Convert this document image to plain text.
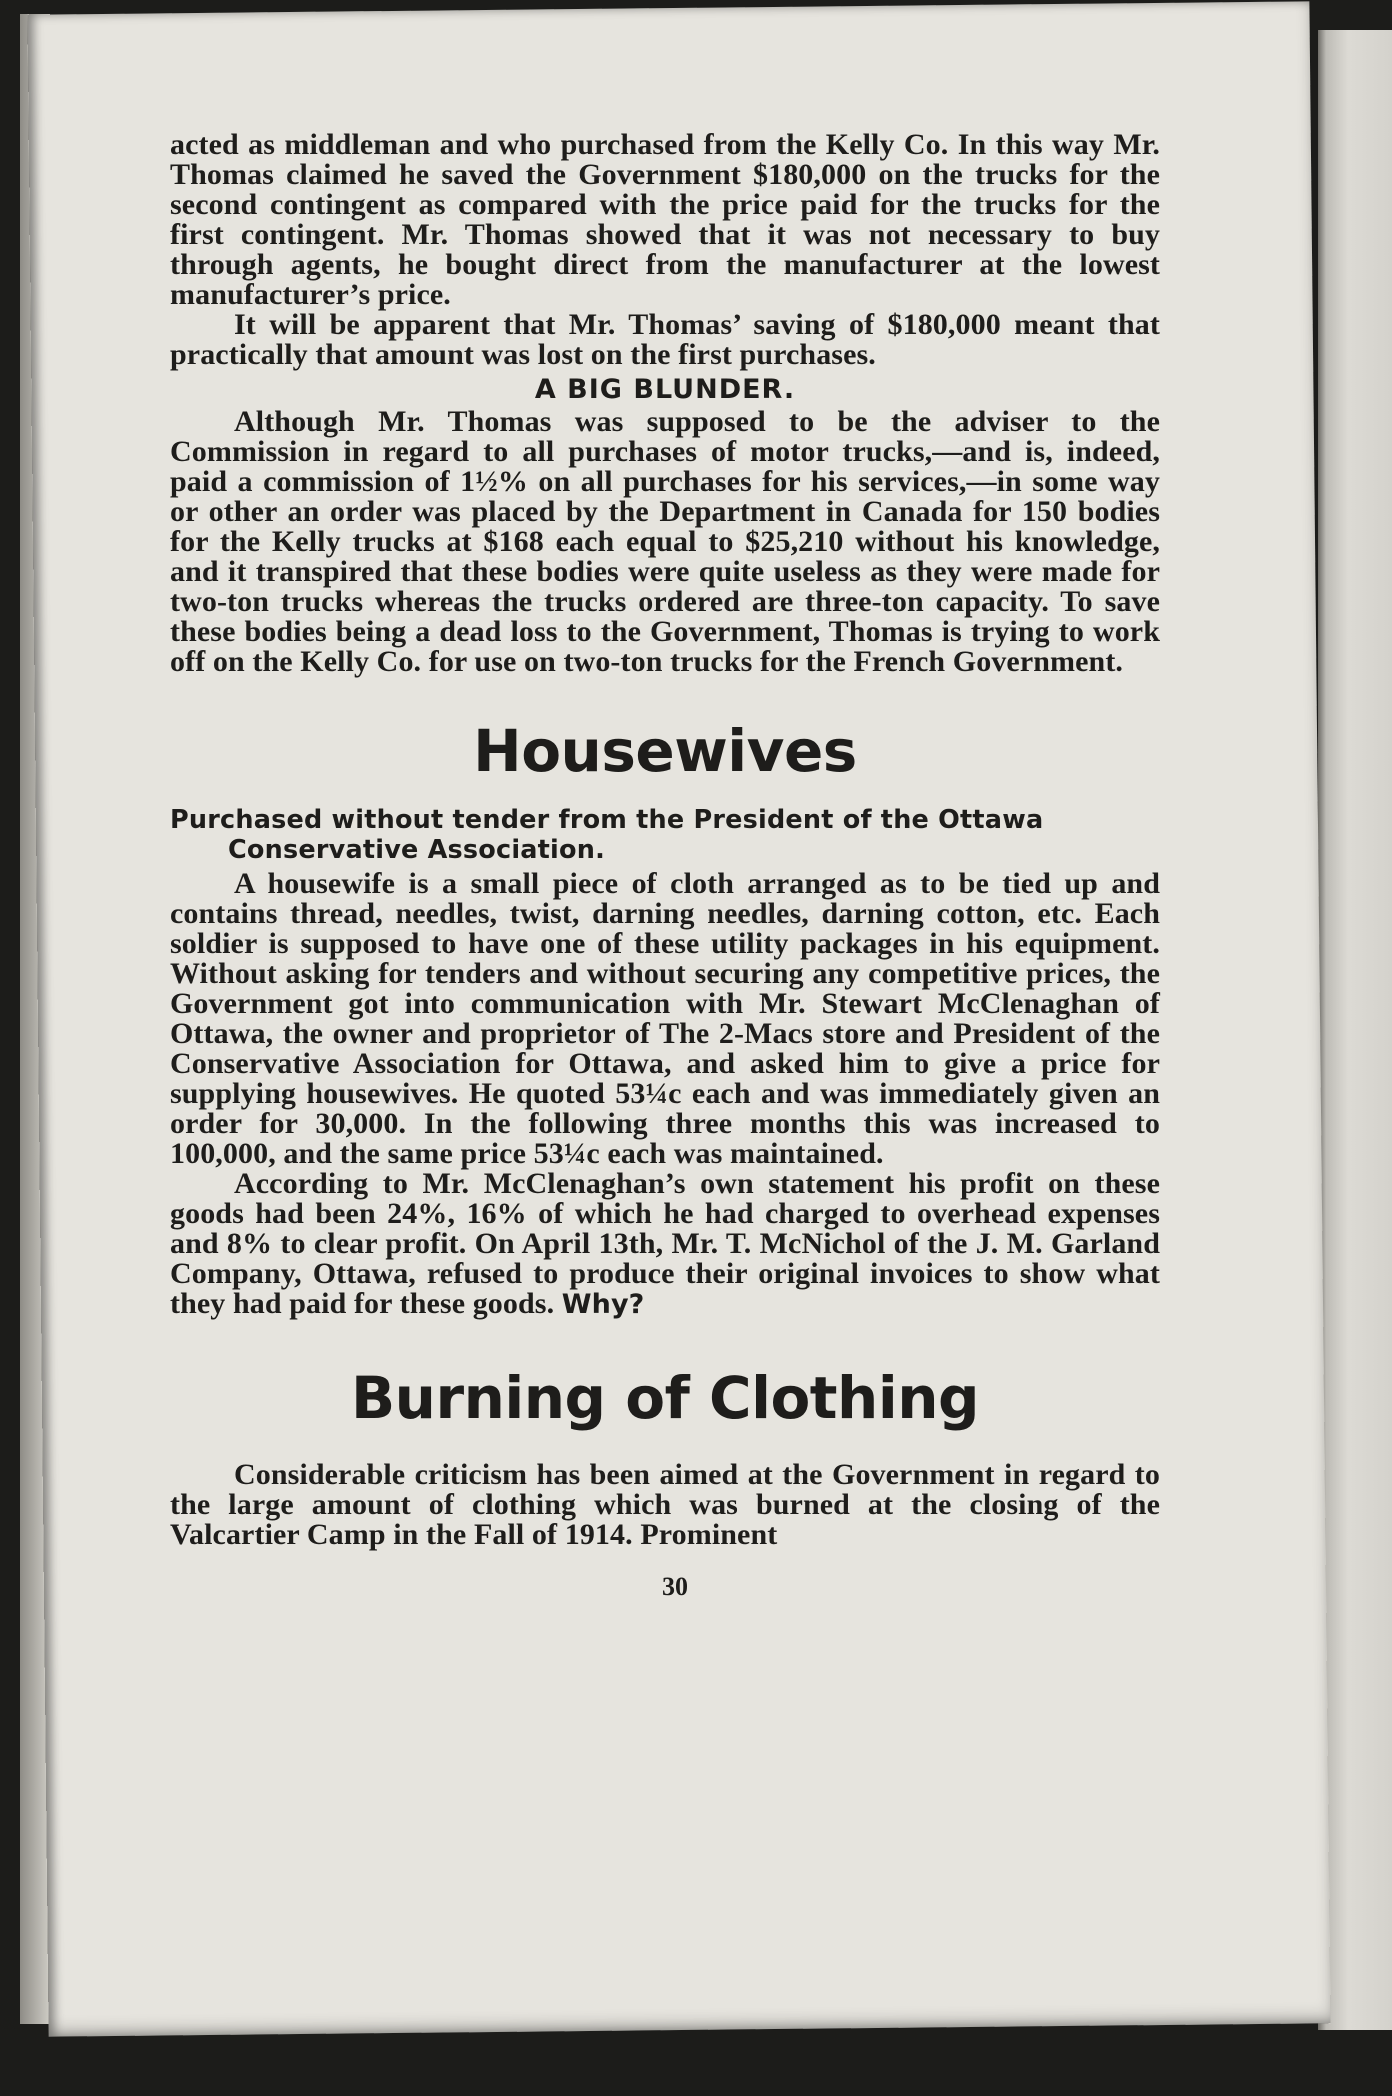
acted as middleman and who purchased from the Kelly Co. In this way Mr. Thomas claimed he saved the Government $180,000 on the trucks for the second contingent as compared with the price paid for the trucks for the first contingent. Mr. Thomas showed that it was not necessary to buy through agents, he bought direct from the manufacturer at the lowest manufacturer’s price.

It will be apparent that Mr. Thomas’ saving of $180,000 meant that practically that amount was lost on the first purchases.

A BIG BLUNDER.

Although Mr. Thomas was supposed to be the adviser to the Commission in regard to all purchases of motor trucks,—and is, indeed, paid a commission of 1½% on all purchases for his services,—in some way or other an order was placed by the Department in Canada for 150 bodies for the Kelly trucks at $168 each equal to $25,210 without his knowledge, and it transpired that these bodies were quite useless as they were made for two-ton trucks whereas the trucks ordered are three-ton capacity. To save these bodies being a dead loss to the Government, Thomas is trying to work off on the Kelly Co. for use on two-ton trucks for the French Government.

Housewives
Purchased without tender from the President of the Ottawa Conservative Association.

A housewife is a small piece of cloth arranged as to be tied up and contains thread, needles, twist, darning needles, darning cotton, etc. Each soldier is supposed to have one of these utility packages in his equipment. Without asking for tenders and without securing any competitive prices, the Government got into communication with Mr. Stewart McClenaghan of Ottawa, the owner and proprietor of The 2-Macs store and President of the Conservative Association for Ottawa, and asked him to give a price for supplying housewives. He quoted 53¼c each and was immediately given an order for 30,000. In the following three months this was increased to 100,000, and the same price 53¼c each was maintained.

According to Mr. McClenaghan’s own statement his profit on these goods had been 24%, 16% of which he had charged to overhead expenses and 8% to clear profit. On April 13th, Mr. T. McNichol of the J. M. Garland Company, Ottawa, refused to produce their original invoices to show what they had paid for these goods. Why?

Burning of Clothing

Considerable criticism has been aimed at the Government in regard to the large amount of clothing which was burned at the closing of the Valcartier Camp in the Fall of 1914. Prominent

30
